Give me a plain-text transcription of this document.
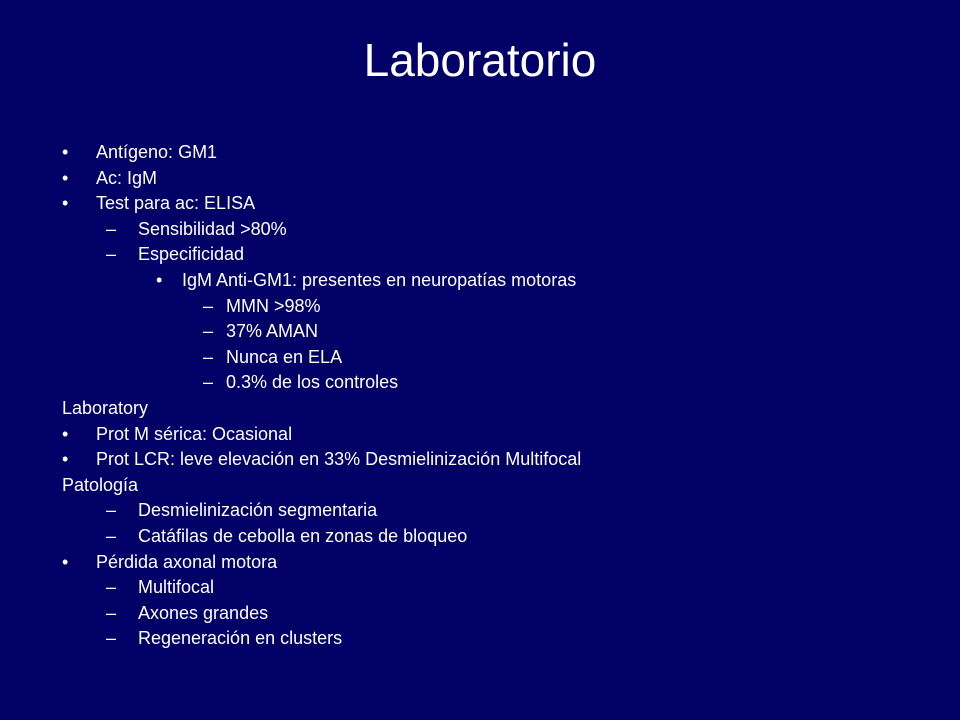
Laboratorio
• Antígeno: GM1
• Ac: IgM
• Test para ac: ELISA
– Sensibilidad >80%
– Especificidad
• IgM Anti-GM1: presentes en neuropatías motoras
– MMN >98%
– 37% AMAN
– Nunca en ELA
– 0.3% de los controles
Laboratory
• Prot M sérica: Ocasional
• Prot LCR: leve elevación en 33% Desmielinización Multifocal
Patología
– Desmielinización segmentaria
– Catáfilas de cebolla en zonas de bloqueo
• Pérdida axonal motora
– Multifocal
– Axones grandes
– Regeneración en clusters
